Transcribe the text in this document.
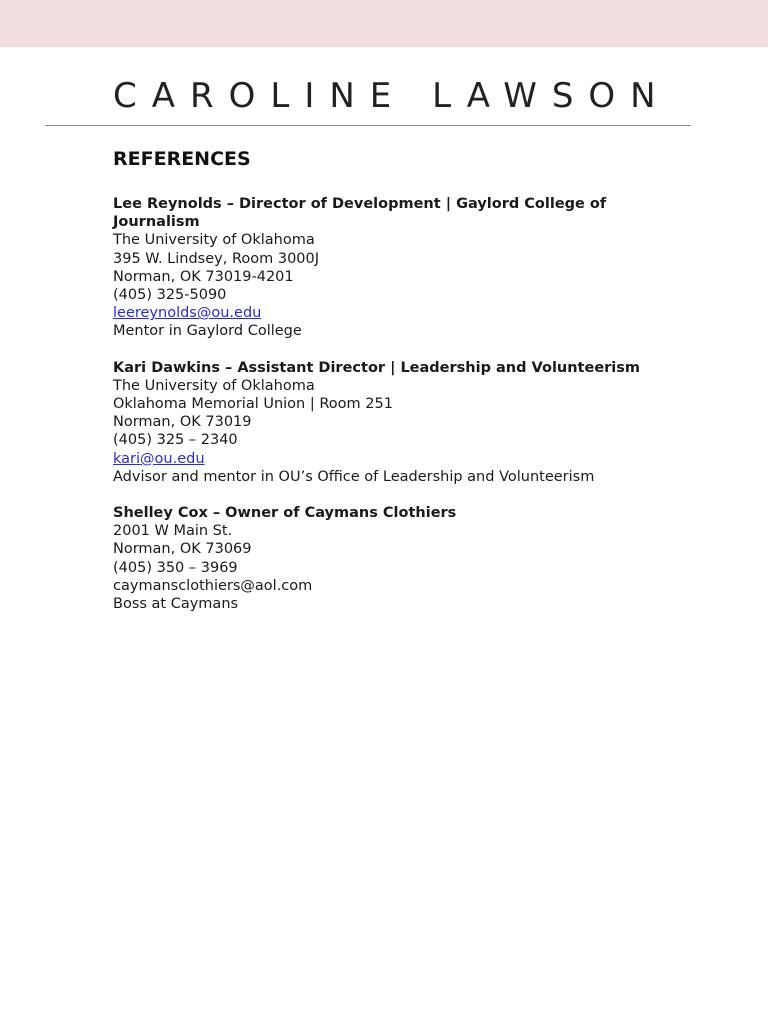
CAROLINE LAWSON
REFERENCES
Lee Reynolds – Director of Development | Gaylord College of Journalism
The University of Oklahoma
395 W. Lindsey, Room 3000J
Norman, OK 73019-4201
(405) 325-5090
leereynolds@ou.edu
Mentor in Gaylord College
Kari Dawkins – Assistant Director | Leadership and Volunteerism
The University of Oklahoma
Oklahoma Memorial Union | Room 251
Norman, OK 73019
(405) 325 – 2340
kari@ou.edu
Advisor and mentor in OU’s Office of Leadership and Volunteerism
Shelley Cox – Owner of Caymans Clothiers
2001 W Main St.
Norman, OK 73069
(405) 350 – 3969
caymansclothiers@aol.com
Boss at Caymans
